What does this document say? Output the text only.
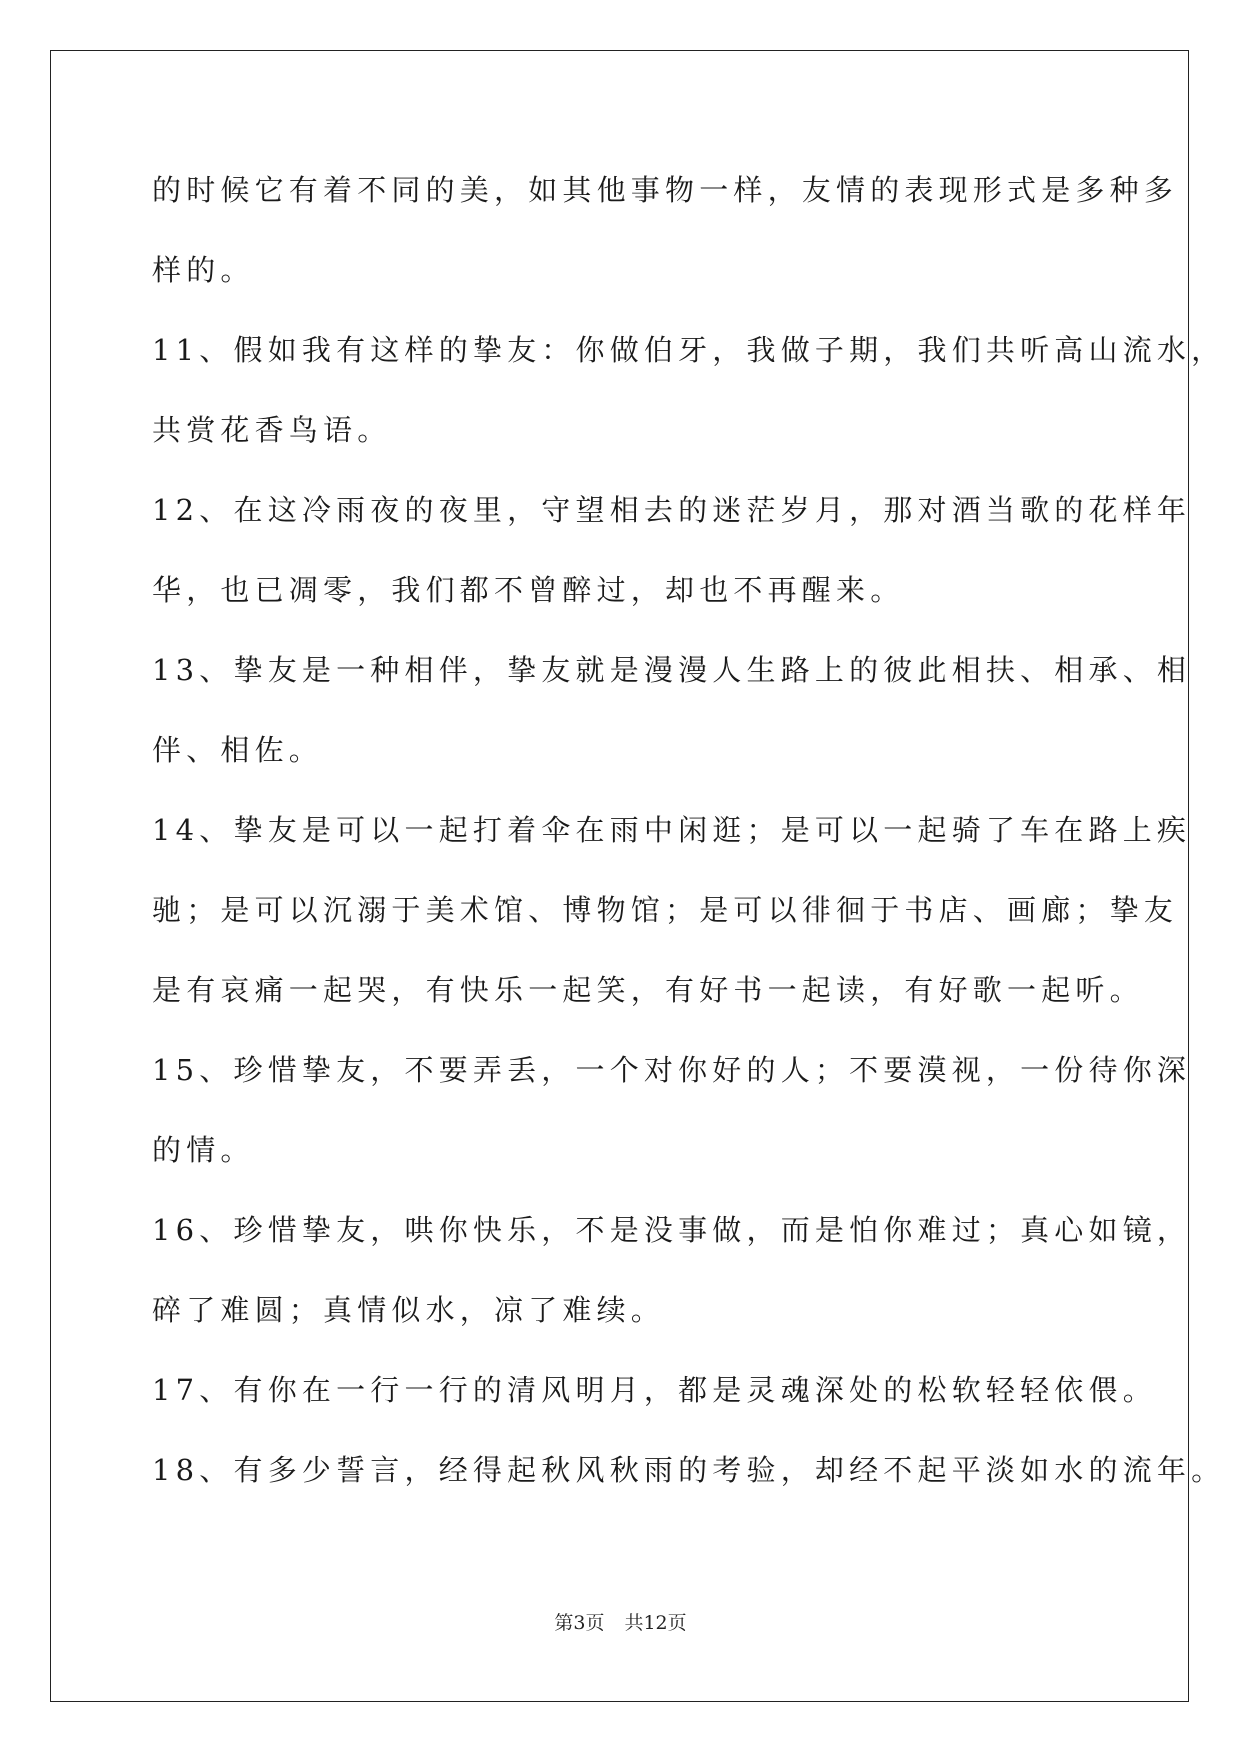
的时候它有着不同的美，如其他事物一样，友情的表现形式是多种多
样的。
11、假如我有这样的挚友：你做伯牙，我做子期，我们共听高山流水，
共赏花香鸟语。
12、在这冷雨夜的夜里，守望相去的迷茫岁月，那对酒当歌的花样年
华，也已凋零，我们都不曾醉过，却也不再醒来。
13、挚友是一种相伴，挚友就是漫漫人生路上的彼此相扶、相承、相
伴、相佐。
14、挚友是可以一起打着伞在雨中闲逛；是可以一起骑了车在路上疾
驰；是可以沉溺于美术馆、博物馆；是可以徘徊于书店、画廊；挚友
是有哀痛一起哭，有快乐一起笑，有好书一起读，有好歌一起听。
15、珍惜挚友，不要弄丢，一个对你好的人；不要漠视，一份待你深
的情。
16、珍惜挚友，哄你快乐，不是没事做，而是怕你难过；真心如镜，
碎了难圆；真情似水，凉了难续。
17、有你在一行一行的清风明月，都是灵魂深处的松软轻轻依偎。
18、有多少誓言，经得起秋风秋雨的考验，却经不起平淡如水的流年。
第3页 共12页
